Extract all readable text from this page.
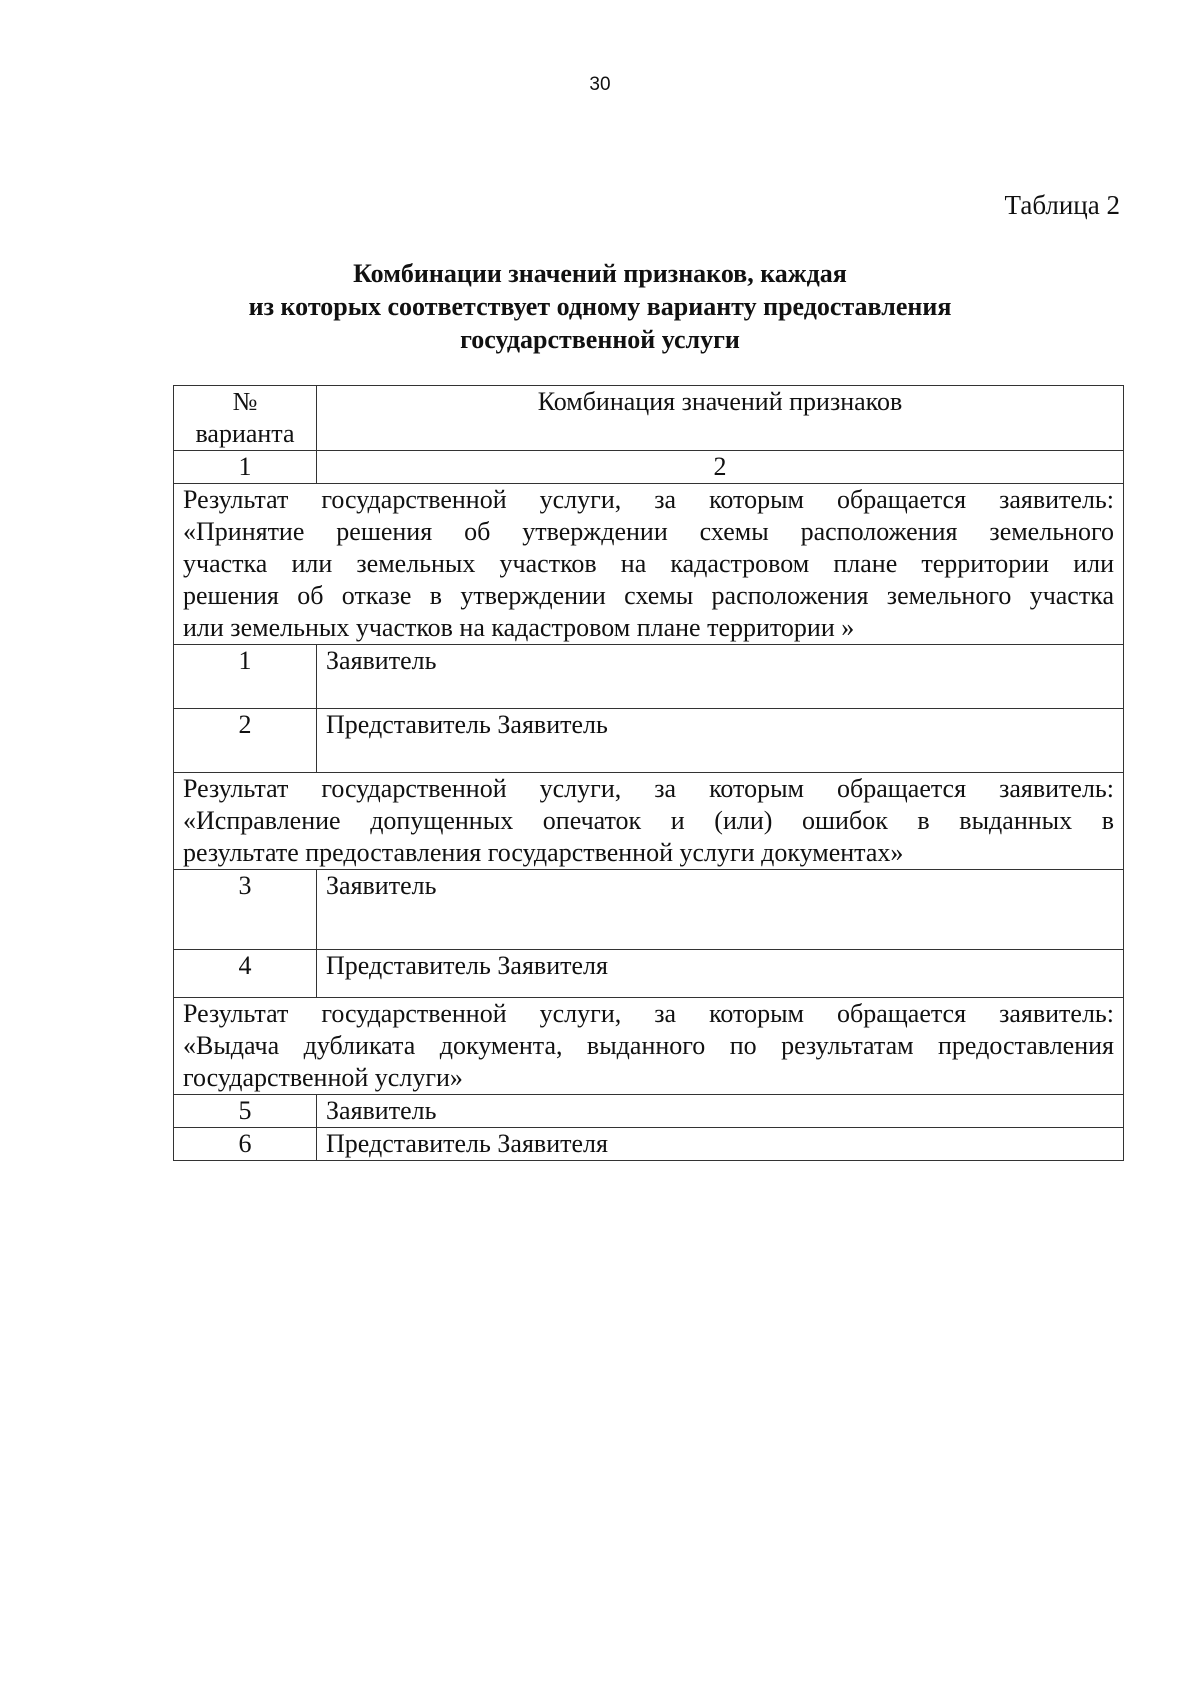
30
Таблица 2
Комбинации значений признаков, каждая
из которых соответствует одному варианту предоставления
государственной услуги
№
варианта	Комбинация значений признаков
1	2

Результат государственной услуги, за которым обращается заявитель:
«Принятие решения об утверждении схемы расположения земельного
участка или земельных участков на кадастровом плане территории или
решения об отказе в утверждении схемы расположения земельного участка
или земельных участков на кадастровом плане территории »	

1	Заявитель
2	Представитель Заявитель

Результат государственной услуги, за которым обращается заявитель:
«Исправление допущенных опечаток и (или) ошибок в выданных в
результате предоставления государственной услуги документах»	

3	Заявитель
4	Представитель Заявителя

Результат государственной услуги, за которым обращается заявитель:
«Выдача дубликата документа, выданного по результатам предоставления
государственной услуги»	

5	Заявитель
6	Представитель Заявителя
